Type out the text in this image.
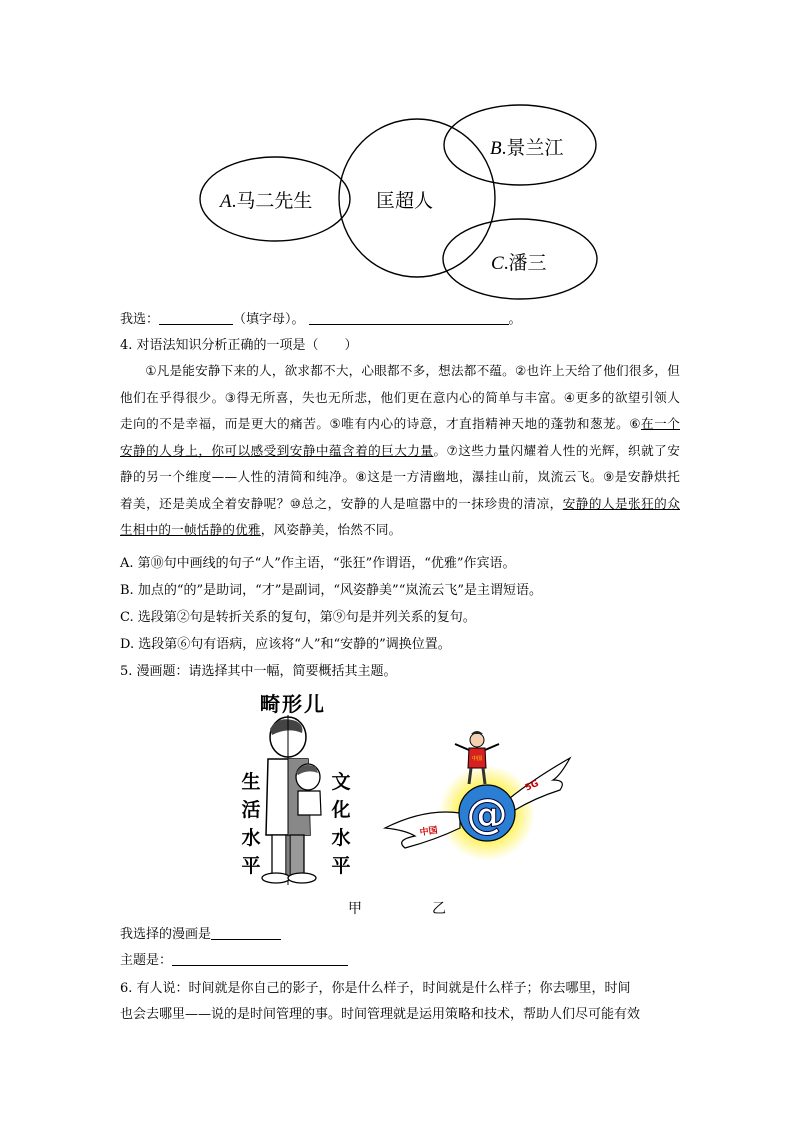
A.马二先生	匡超人
B.景兰江
C.潘三
我选：	（填字母）。	。
4. 对语法知识分析正确的一项是（　　）
①凡是能安静下来的人，欲求都不大，心眼都不多，想法都不蕴。②也许上天给了他们很多，但他们在乎得很少。③得无所喜，失也无所悲，他们更在意内心的简单与丰富。④更多的欲望引领人走向的不是幸福，而是更大的痛苦。⑤唯有内心的诗意，才直指精神天地的蓬勃和葱茏。⑥在一个安静的人身上，你可以感受到安静中蕴含着的巨大力量。⑦这些力量闪耀着人性的光辉，织就了安静的另一个维度——人性的清简和纯净。⑧这是一方清幽地，瀑挂山前，岚流云飞。⑨是安静烘托着美，还是美成全着安静呢？⑩总之，安静的人是喧嚣中的一抹珍贵的清凉，安静的人是张狂的众生相中的一帧恬静的优雅，风姿静美，怡然不同。
A. 第⑩句中画线的句子“人”作主语，“张狂”作谓语，“优雅”作宾语。
B. 加点的“的”是助词，“才”是副词，“风姿静美”“岚流云飞”是主谓短语。
C. 选段第②句是转折关系的复句，第⑨句是并列关系的复句。
D. 选段第⑥句有语病，应该将“人”和“安静的”调换位置。
5. 漫画题：请选择其中一幅，简要概括其主题。
畸形儿
生
活
水
平
文
化
水
平
@
中国
5G
中国
甲	乙
我选择的漫画是
主题是：
6. 有人说：时间就是你自己的影子，你是什么样子，时间就是什么样子；你去哪里，时间
也会去哪里——说的是时间管理的事。时间管理就是运用策略和技术，帮助人们尽可能有效
